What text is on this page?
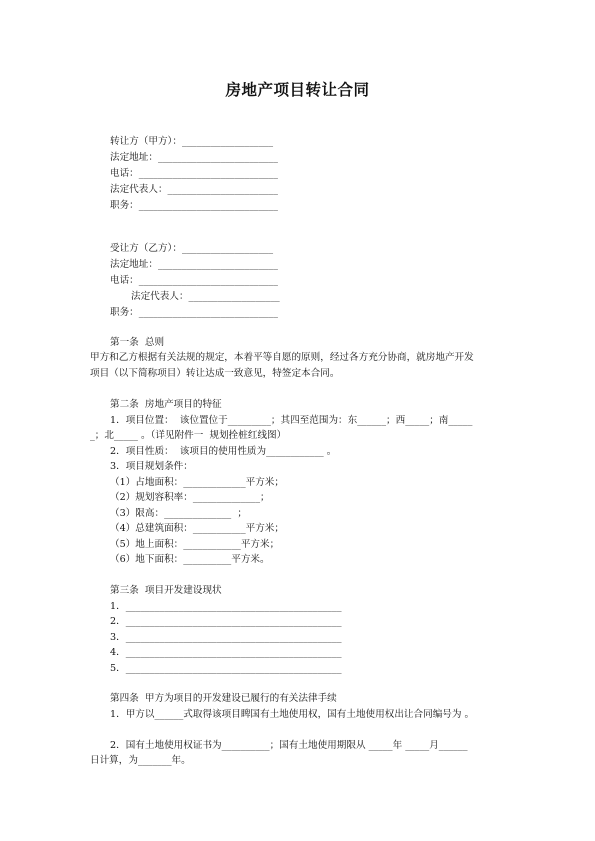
房地产项目转让合同
转让方（甲方）：___________________
法定地址：_________________________
电话：_____________________________
法定代表人：_______________________
职务：_____________________________
受让方（乙方）：___________________
法定地址：_________________________
电话：_____________________________
法定代表人：___________________
职务：_____________________________
第一条  总则
甲方和乙方根据有关法规的规定，本着平等自愿的原则，经过各方充分协商，就房地产开发
项目（以下简称项目）转让达成一致意见，特签定本合同。
第二条  房地产项目的特征
1．项目位置：  该位置位于_________；其四至范围为：东______；西_____；南_____
_；北_____ 。（详见附件一  规划拴桩红线图）
2．项目性质：  该项目的使用性质为____________ 。
3．项目规划条件：
（1）占地面积：_____________平方米；
（2）规划容积率：______________；
（3）限高：______________  ；
（4）总建筑面积：___________平方米；
（5）地上面积：____________平方米；
（6）地下面积：__________平方米。
第三条  项目开发建设现状
1．_____________________________________________
2．_____________________________________________
3．_____________________________________________
4．_____________________________________________
5．_____________________________________________
第四条  甲方为项目的开发建设已履行的有关法律手续
1．甲方以______式取得该项目睥国有土地使用权，国有土地使用权出让合同编号为 。
2．国有土地使用权证书为__________；国有土地使用期限从 _____年 _____月______
日计算，为_______年。
